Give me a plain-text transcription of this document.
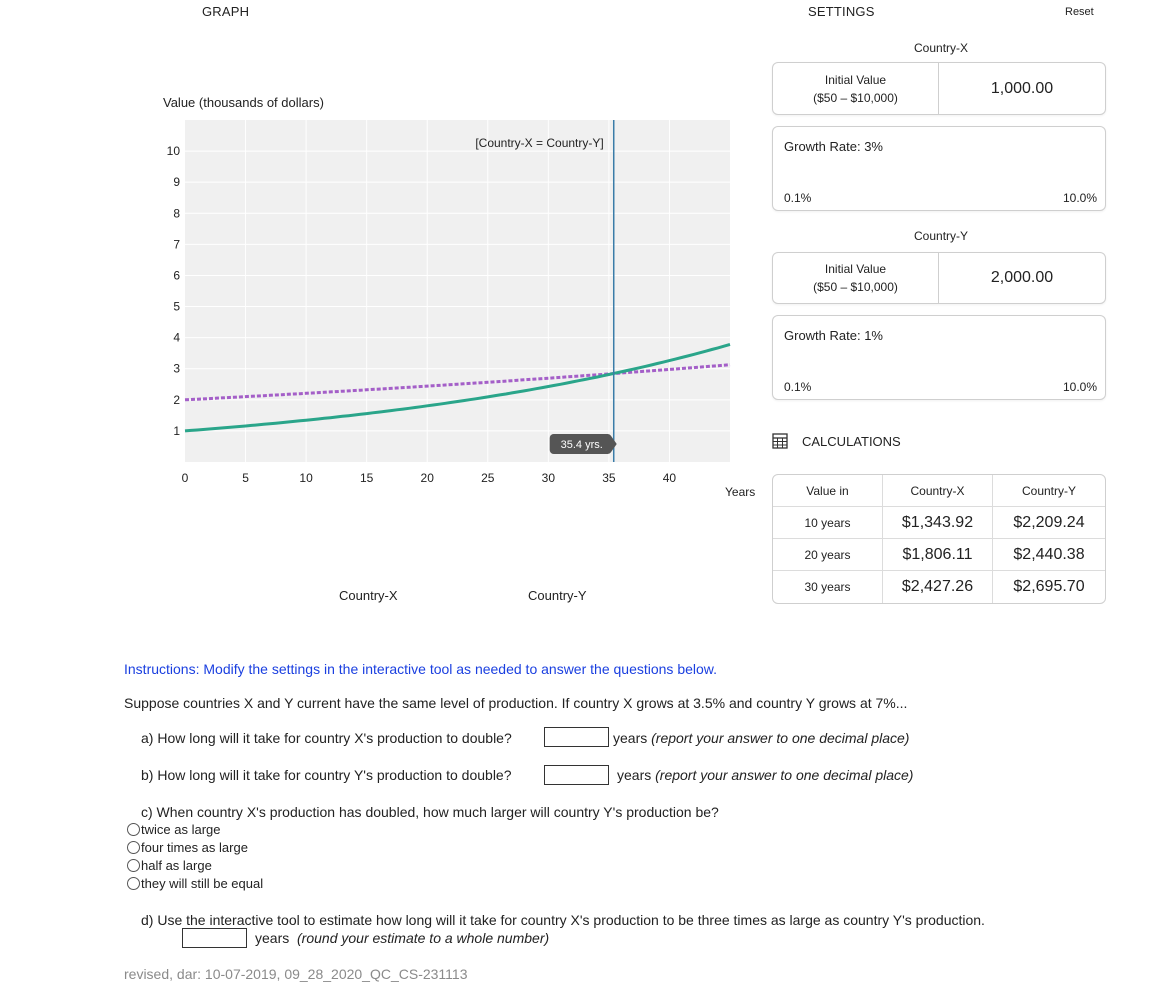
GRAPH
Value (thousands of dollars)
1
2
3
4
5
6
7
8
9
10
0	5	10	15	20	25	30	35	40
[Country-X = Country-Y]
35.4 yrs.
Years
Country-X	Country-Y
SETTINGS	Reset
Country-X
Initial Value
($50 – $10,000)
1,000.00
Growth Rate: 3%
0.1%	10.0%
Country-Y
Initial Value
($50 – $10,000)
2,000.00
Growth Rate: 1%
0.1%	10.0%
CALCULATIONS
Value in	Country-X	Country-Y
10 years	$1,343.92	$2,209.24
20 years	$1,806.11	$2,440.38
30 years	$2,427.26	$2,695.70
Instructions: Modify the settings in the interactive tool as needed to answer the questions below.
Suppose countries X and Y current have the same level of production. If country X grows at 3.5% and country Y grows at 7%...
a) How long will it take for country X's production to double?	years (report your answer to one decimal place)
b) How long will it take for country Y's production to double?	years (report your answer to one decimal place)
c) When country X's production has doubled, how much larger will country Y's production be?
twice as large
four times as large
half as large
they will still be equal
d) Use the interactive tool to estimate how long will it take for country X's production to be three times as large as country Y's production.
years (round your estimate to a whole number)
revised, dar: 10-07-2019, 09_28_2020_QC_CS-231113
